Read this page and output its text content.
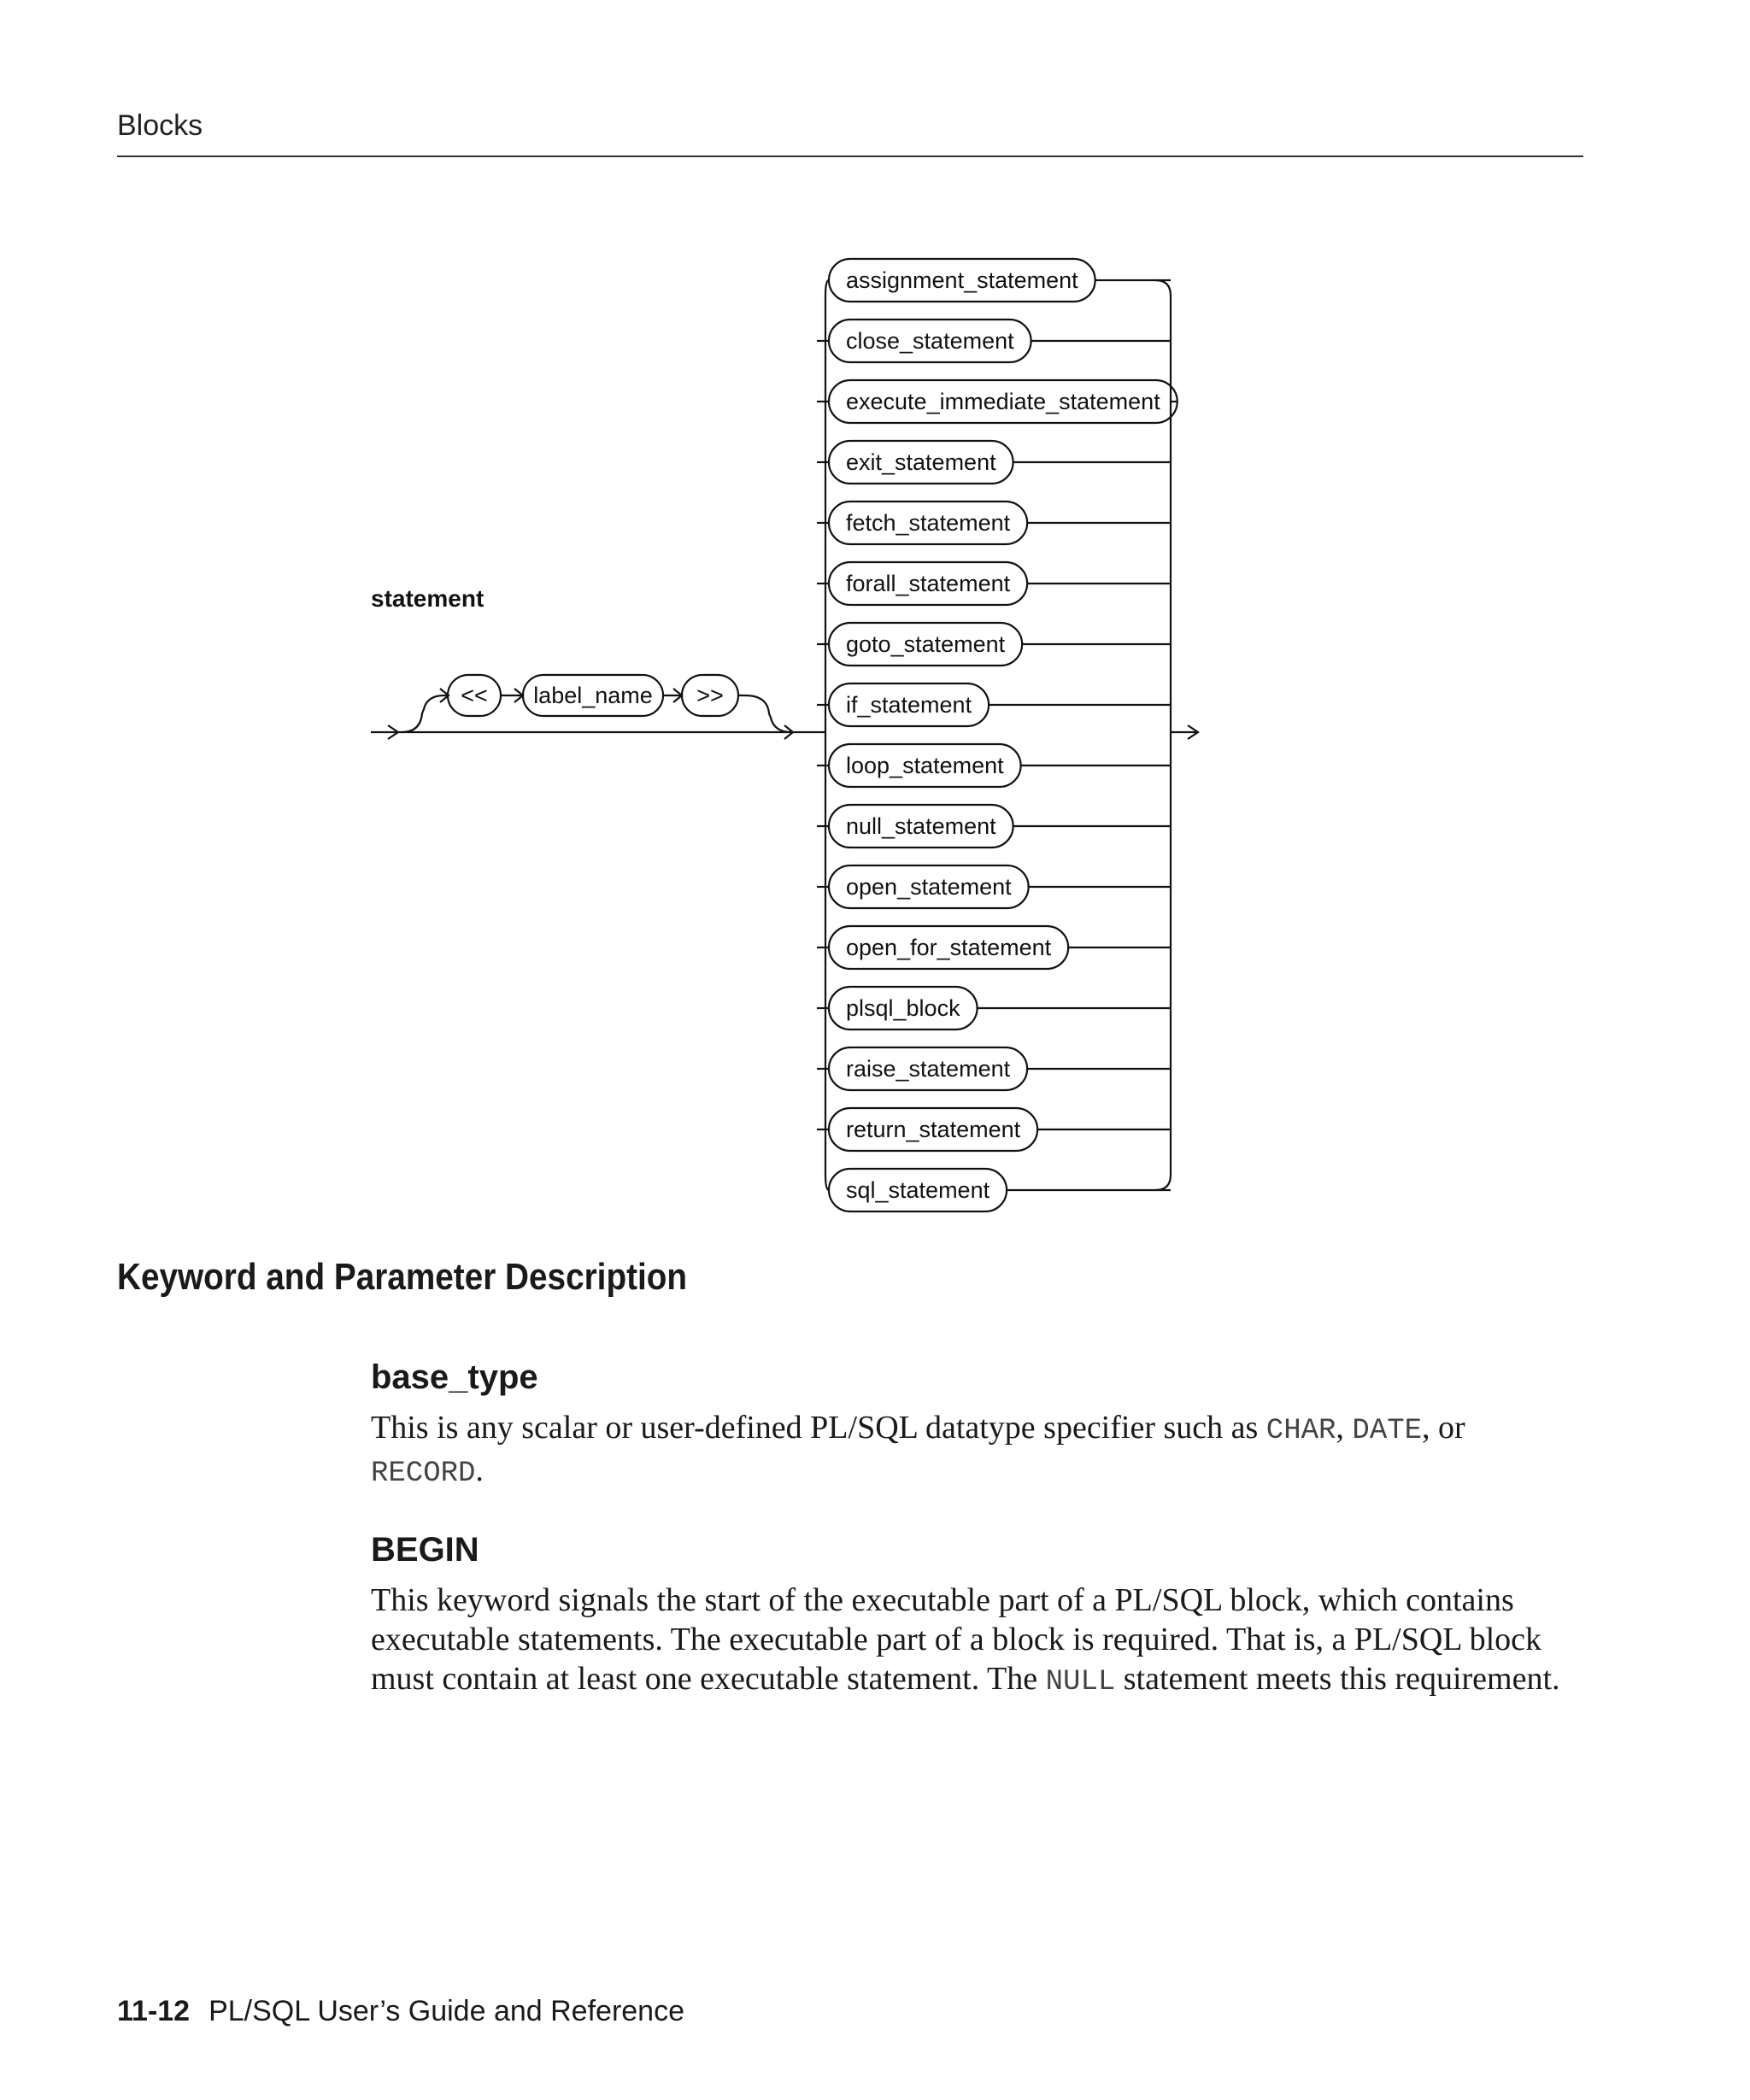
Blocks
statement
<< label_name >>
assignment_statement
close_statement
execute_immediate_statement
exit_statement
fetch_statement
forall_statement
goto_statement
if_statement
loop_statement
null_statement
open_statement
open_for_statement
plsql_block
raise_statement
return_statement
sql_statement
Keyword and Parameter Description
base_type
This is any scalar or user-defined PL/SQL datatype specifier such as CHAR, DATE, or RECORD.
BEGIN
This keyword signals the start of the executable part of a PL/SQL block, which contains executable statements. The executable part of a block is required. That is, a PL/SQL block must contain at least one executable statement. The NULL statement meets this requirement.
11-12 PL/SQL User’s Guide and Reference
